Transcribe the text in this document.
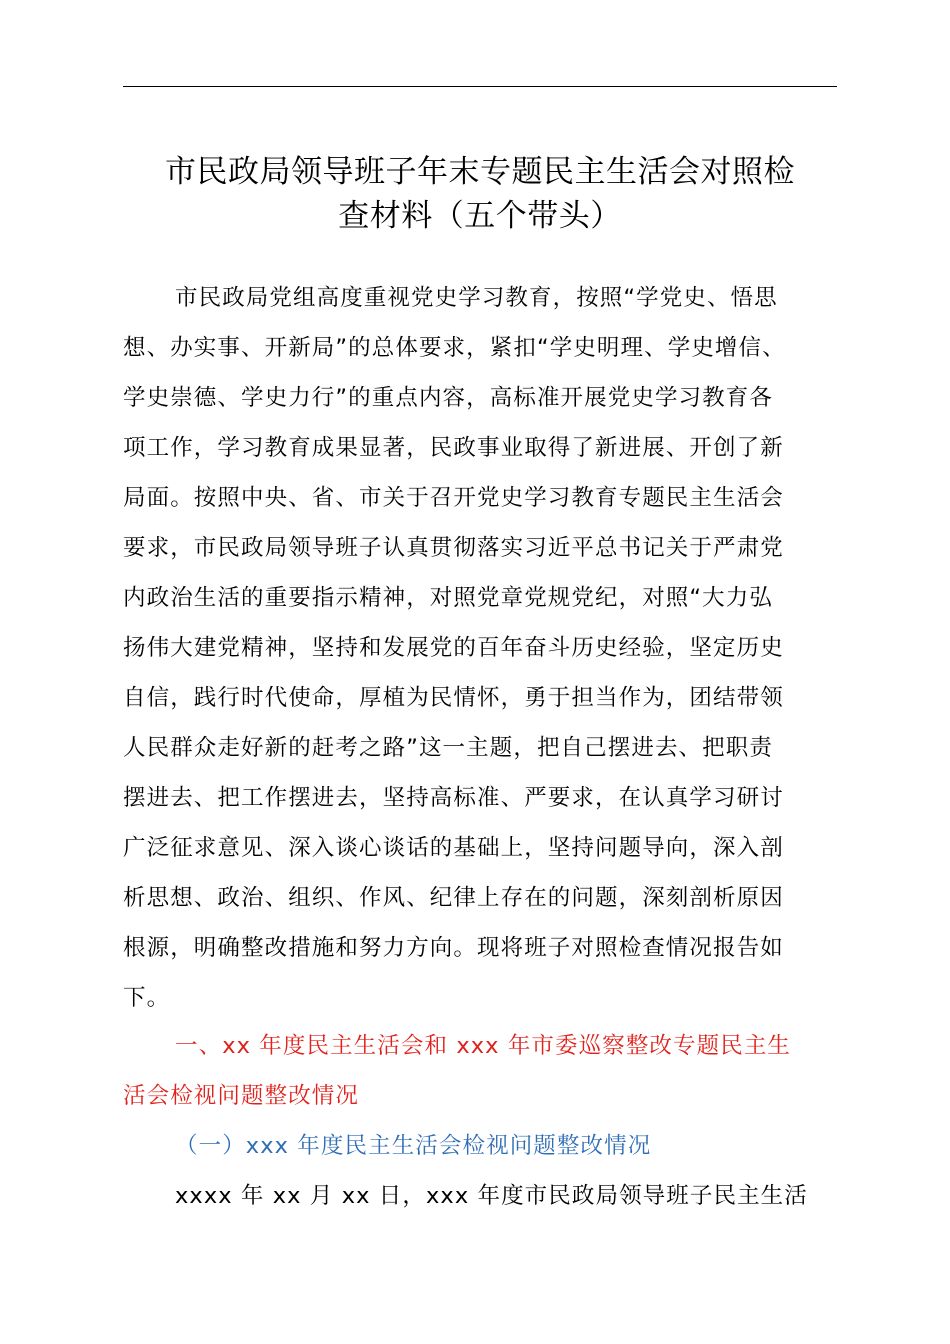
市民政局领导班子年末专题民主生活会对照检
查材料（五个带头）

市民政局党组高度重视党史学习教育，按照“学党史、悟思
想、办实事、开新局”的总体要求，紧扣“学史明理、学史增信、
学史崇德、学史力行”的重点内容，高标准开展党史学习教育各
项工作，学习教育成果显著，民政事业取得了新进展、开创了新
局面。按照中央、省、市关于召开党史学习教育专题民主生活会
要求，市民政局领导班子认真贯彻落实习近平总书记关于严肃党
内政治生活的重要指示精神，对照党章党规党纪，对照“大力弘
扬伟大建党精神，坚持和发展党的百年奋斗历史经验，坚定历史
自信，践行时代使命，厚植为民情怀，勇于担当作为，团结带领
人民群众走好新的赶考之路”这一主题，把自己摆进去、把职责
摆进去、把工作摆进去，坚持高标准、严要求，在认真学习研讨
广泛征求意见、深入谈心谈话的基础上，坚持问题导向，深入剖
析思想、政治、组织、作风、纪律上存在的问题，深刻剖析原因
根源，明确整改措施和努力方向。现将班子对照检查情况报告如
下。

一、xx 年度民主生活会和 xxx 年市委巡察整改专题民主生
活会检视问题整改情况
（一）xxx 年度民主生活会检视问题整改情况

xxxx 年 xx 月 xx 日，xxx 年度市民政局领导班子民主生活
